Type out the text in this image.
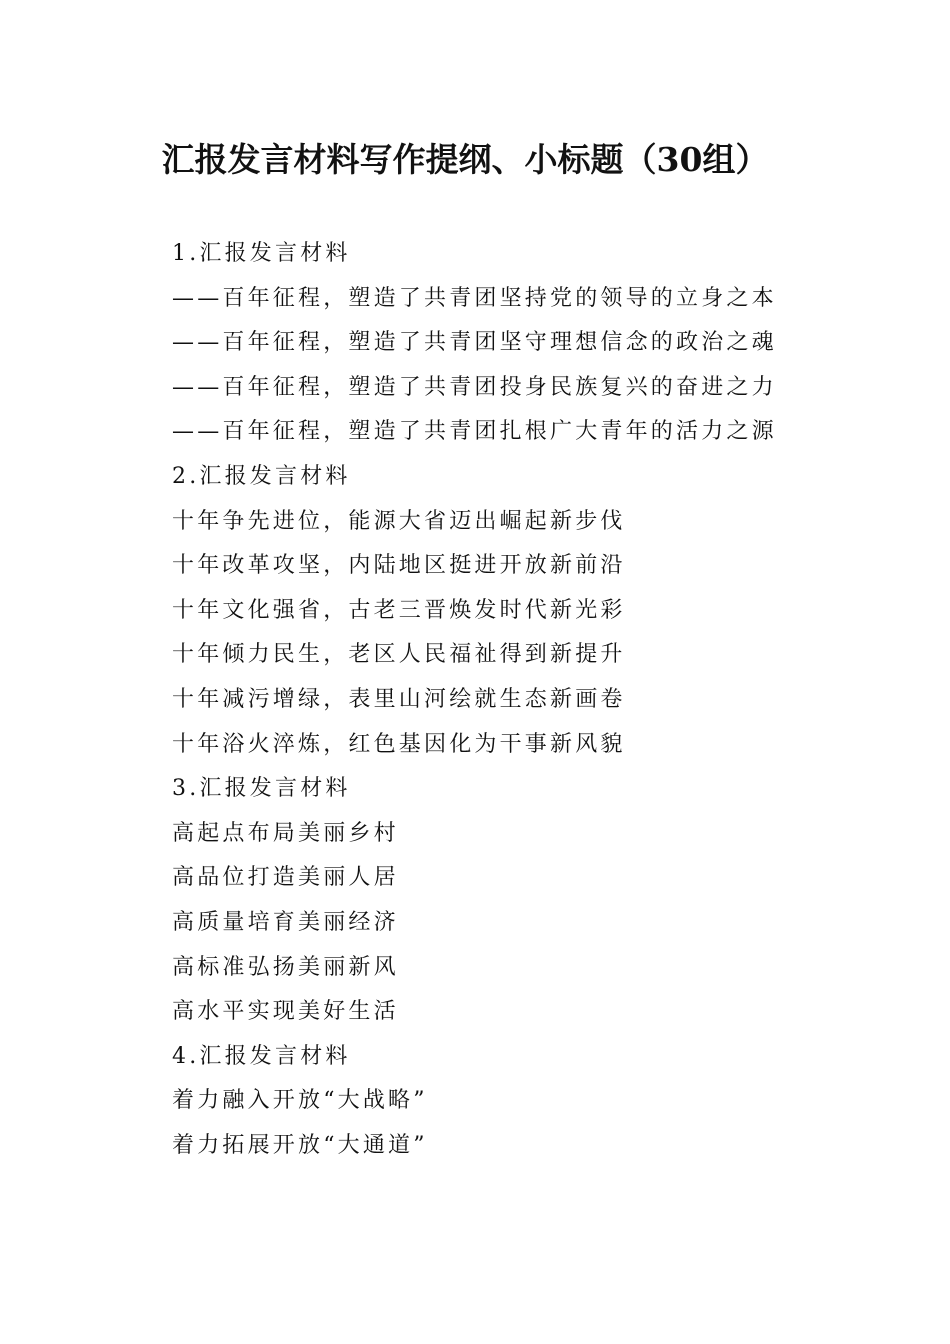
汇报发言材料写作提纲、小标题（30组）
1.汇报发言材料
——百年征程，塑造了共青团坚持党的领导的立身之本
——百年征程，塑造了共青团坚守理想信念的政治之魂
——百年征程，塑造了共青团投身民族复兴的奋进之力
——百年征程，塑造了共青团扎根广大青年的活力之源
2.汇报发言材料
十年争先进位，能源大省迈出崛起新步伐
十年改革攻坚，内陆地区挺进开放新前沿
十年文化强省，古老三晋焕发时代新光彩
十年倾力民生，老区人民福祉得到新提升
十年减污增绿，表里山河绘就生态新画卷
十年浴火淬炼，红色基因化为干事新风貌
3.汇报发言材料
高起点布局美丽乡村
高品位打造美丽人居
高质量培育美丽经济
高标准弘扬美丽新风
高水平实现美好生活
4.汇报发言材料
着力融入开放“大战略”
着力拓展开放“大通道”
